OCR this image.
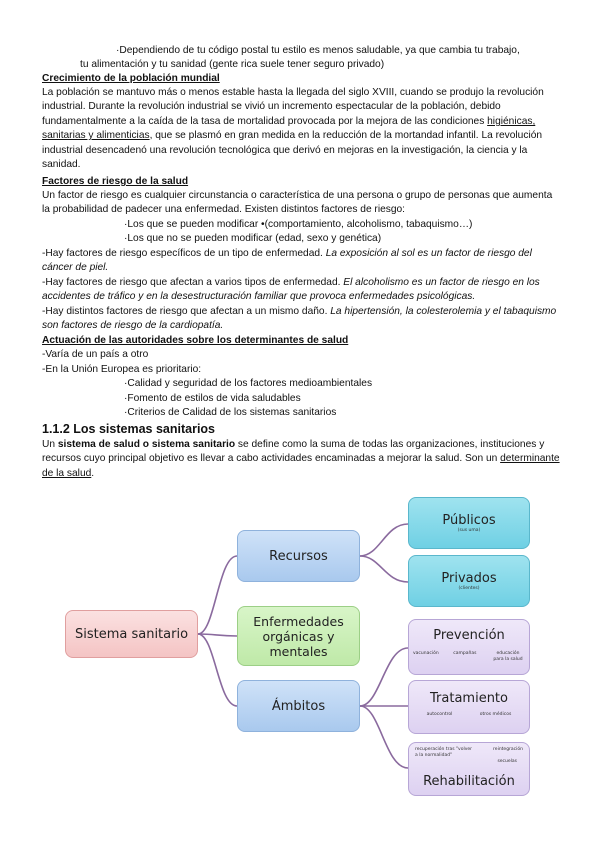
·Dependiendo de tu código postal tu estilo es menos saludable, ya que cambia tu trabajo,
tu alimentación y tu sanidad (gente rica suele tener seguro privado)
Crecimiento de la población mundial
La población se mantuvo más o menos estable hasta la llegada del siglo XVIII, cuando se produjo la revolución industrial. Durante la revolución industrial se vivió un incremento espectacular de la población, debido fundamentalmente a la caída de la tasa de mortalidad provocada por la mejora de las condiciones higiénicas, sanitarias y alimenticias, que se plasmó en gran medida en la reducción de la mortandad infantil. La revolución industrial desencadenó una revolución tecnológica que derivó en mejoras en la investigación, la ciencia y la sanidad.
Factores de riesgo de la salud
Un factor de riesgo es cualquier circunstancia o característica de una persona o grupo de personas que aumenta la probabilidad de padecer una enfermedad. Existen distintos factores de riesgo:
·Los que se pueden modificar •(comportamiento, alcoholismo, tabaquismo…)
·Los que no se pueden modificar (edad, sexo y genética)
-Hay factores de riesgo específicos de un tipo de enfermedad. La exposición al sol es un factor de riesgo del cáncer de piel.
-Hay factores de riesgo que afectan a varios tipos de enfermedad. El alcoholismo es un factor de riesgo en los accidentes de tráfico y en la desestructuración familiar que provoca enfermedades psicológicas.
-Hay distintos factores de riesgo que afectan a un mismo daño. La hipertensión, la colesterolemia y el tabaquismo son factores de riesgo de la cardiopatía.
Actuación de las autoridades sobre los determinantes de salud
-Varía de un país a otro
-En la Unión Europea es prioritario:
·Calidad y seguridad de los factores medioambientales
·Fomento de estilos de vida saludables
·Criterios de Calidad de los sistemas sanitarios
1.1.2 Los sistemas sanitarios
Un sistema de salud o sistema sanitario se define como la suma de todas las organizaciones, instituciones y recursos cuyo principal objetivo es llevar a cabo actividades encaminadas a mejorar la salud. Son un determinante de la salud.
Sistema sanitario
Recursos
Enfermedades orgánicas y mentales
Ámbitos
Públicos
(sus uma)
Privados
(clientes)
Prevención
vacunación	campañas	educación para la salud
Tratamiento
autocontrol	otros médicos
recuperación tras "volver a la normalidad"
reintegración
secuelas
Rehabilitación
